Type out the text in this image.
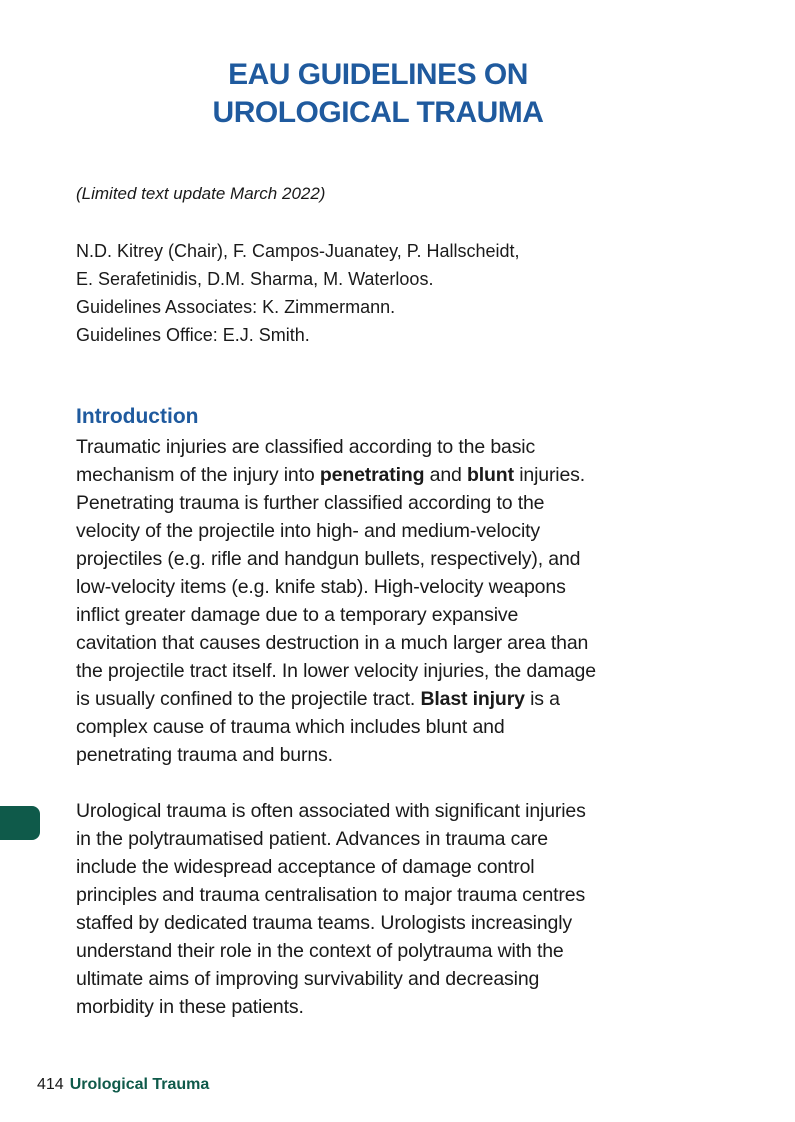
EAU GUIDELINES ON
UROLOGICAL TRAUMA
(Limited text update March 2022)
N.D. Kitrey (Chair), F. Campos-Juanatey, P. Hallscheidt,
E. Serafetinidis, D.M. Sharma, M. Waterloos.
Guidelines Associates: K. Zimmermann.
Guidelines Office: E.J. Smith.
Introduction
Traumatic injuries are classified according to the basic
mechanism of the injury into penetrating and blunt injuries.
Penetrating trauma is further classified according to the
velocity of the projectile into high- and medium-velocity
projectiles (e.g. rifle and handgun bullets, respectively), and
low-velocity items (e.g. knife stab). High-velocity weapons
inflict greater damage due to a temporary expansive
cavitation that causes destruction in a much larger area than
the projectile tract itself. In lower velocity injuries, the damage
is usually confined to the projectile tract. Blast injury is a
complex cause of trauma which includes blunt and
penetrating trauma and burns.
Urological trauma is often associated with significant injuries
in the polytraumatised patient. Advances in trauma care
include the widespread acceptance of damage control
principles and trauma centralisation to major trauma centres
staffed by dedicated trauma teams. Urologists increasingly
understand their role in the context of polytrauma with the
ultimate aims of improving survivability and decreasing
morbidity in these patients.
414 Urological Trauma
